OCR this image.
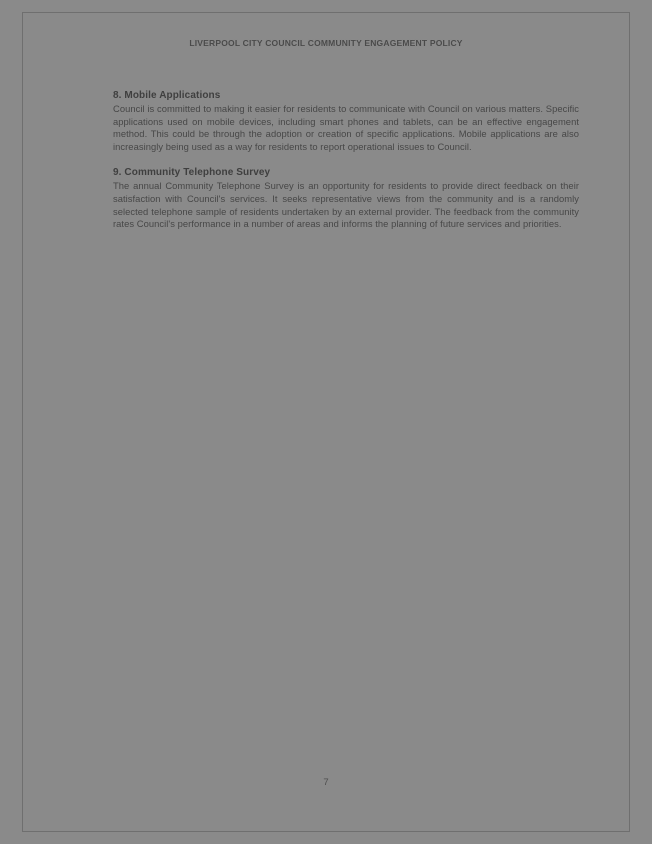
LIVERPOOL CITY COUNCIL COMMUNITY ENGAGEMENT POLICY
8. Mobile Applications

Council is committed to making it easier for residents to communicate with Council on various matters. Specific applications used on mobile devices, including smart phones and tablets, can be an effective engagement method. This could be through the adoption or creation of specific applications. Mobile applications are also increasingly being used as a way for residents to report operational issues to Council.

9. Community Telephone Survey

The annual Community Telephone Survey is an opportunity for residents to provide direct feedback on their satisfaction with Council's services. It seeks representative views from the community and is a randomly selected telephone sample of residents undertaken by an external provider. The feedback from the community rates Council's performance in a number of areas and informs the planning of future services and priorities.

7
